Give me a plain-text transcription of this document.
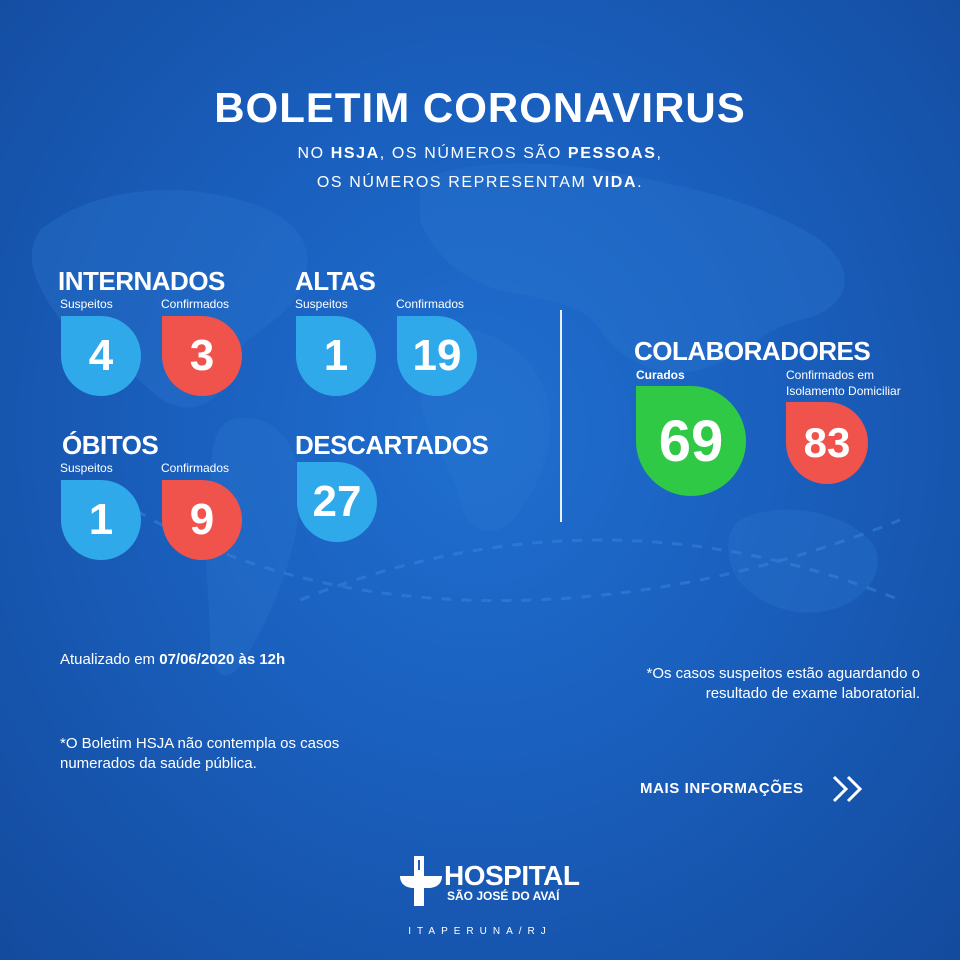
BOLETIM CORONAVIRUS
NO HSJA, OS NÚMEROS SÃO PESSOAS,
OS NÚMEROS REPRESENTAM VIDA.
INTERNADOS
Suspeitos	Confirmados
4	3
ALTAS
Suspeitos	Confirmados
1	19
ÓBITOS
Suspeitos	Confirmados
1	9
DESCARTADOS
27
COLABORADORES
Curados	Confirmados em
Isolamento Domiciliar
69	83
Atualizado em 07/06/2020 às 12h
*O Boletim HSJA não contempla os casos
numerados da saúde pública.
*Os casos suspeitos estão aguardando o
resultado de exame laboratorial.
MAIS INFORMAÇÕES
HOSPITAL
SÃO JOSÉ DO AVAÍ
ITAPERUNA/RJ
